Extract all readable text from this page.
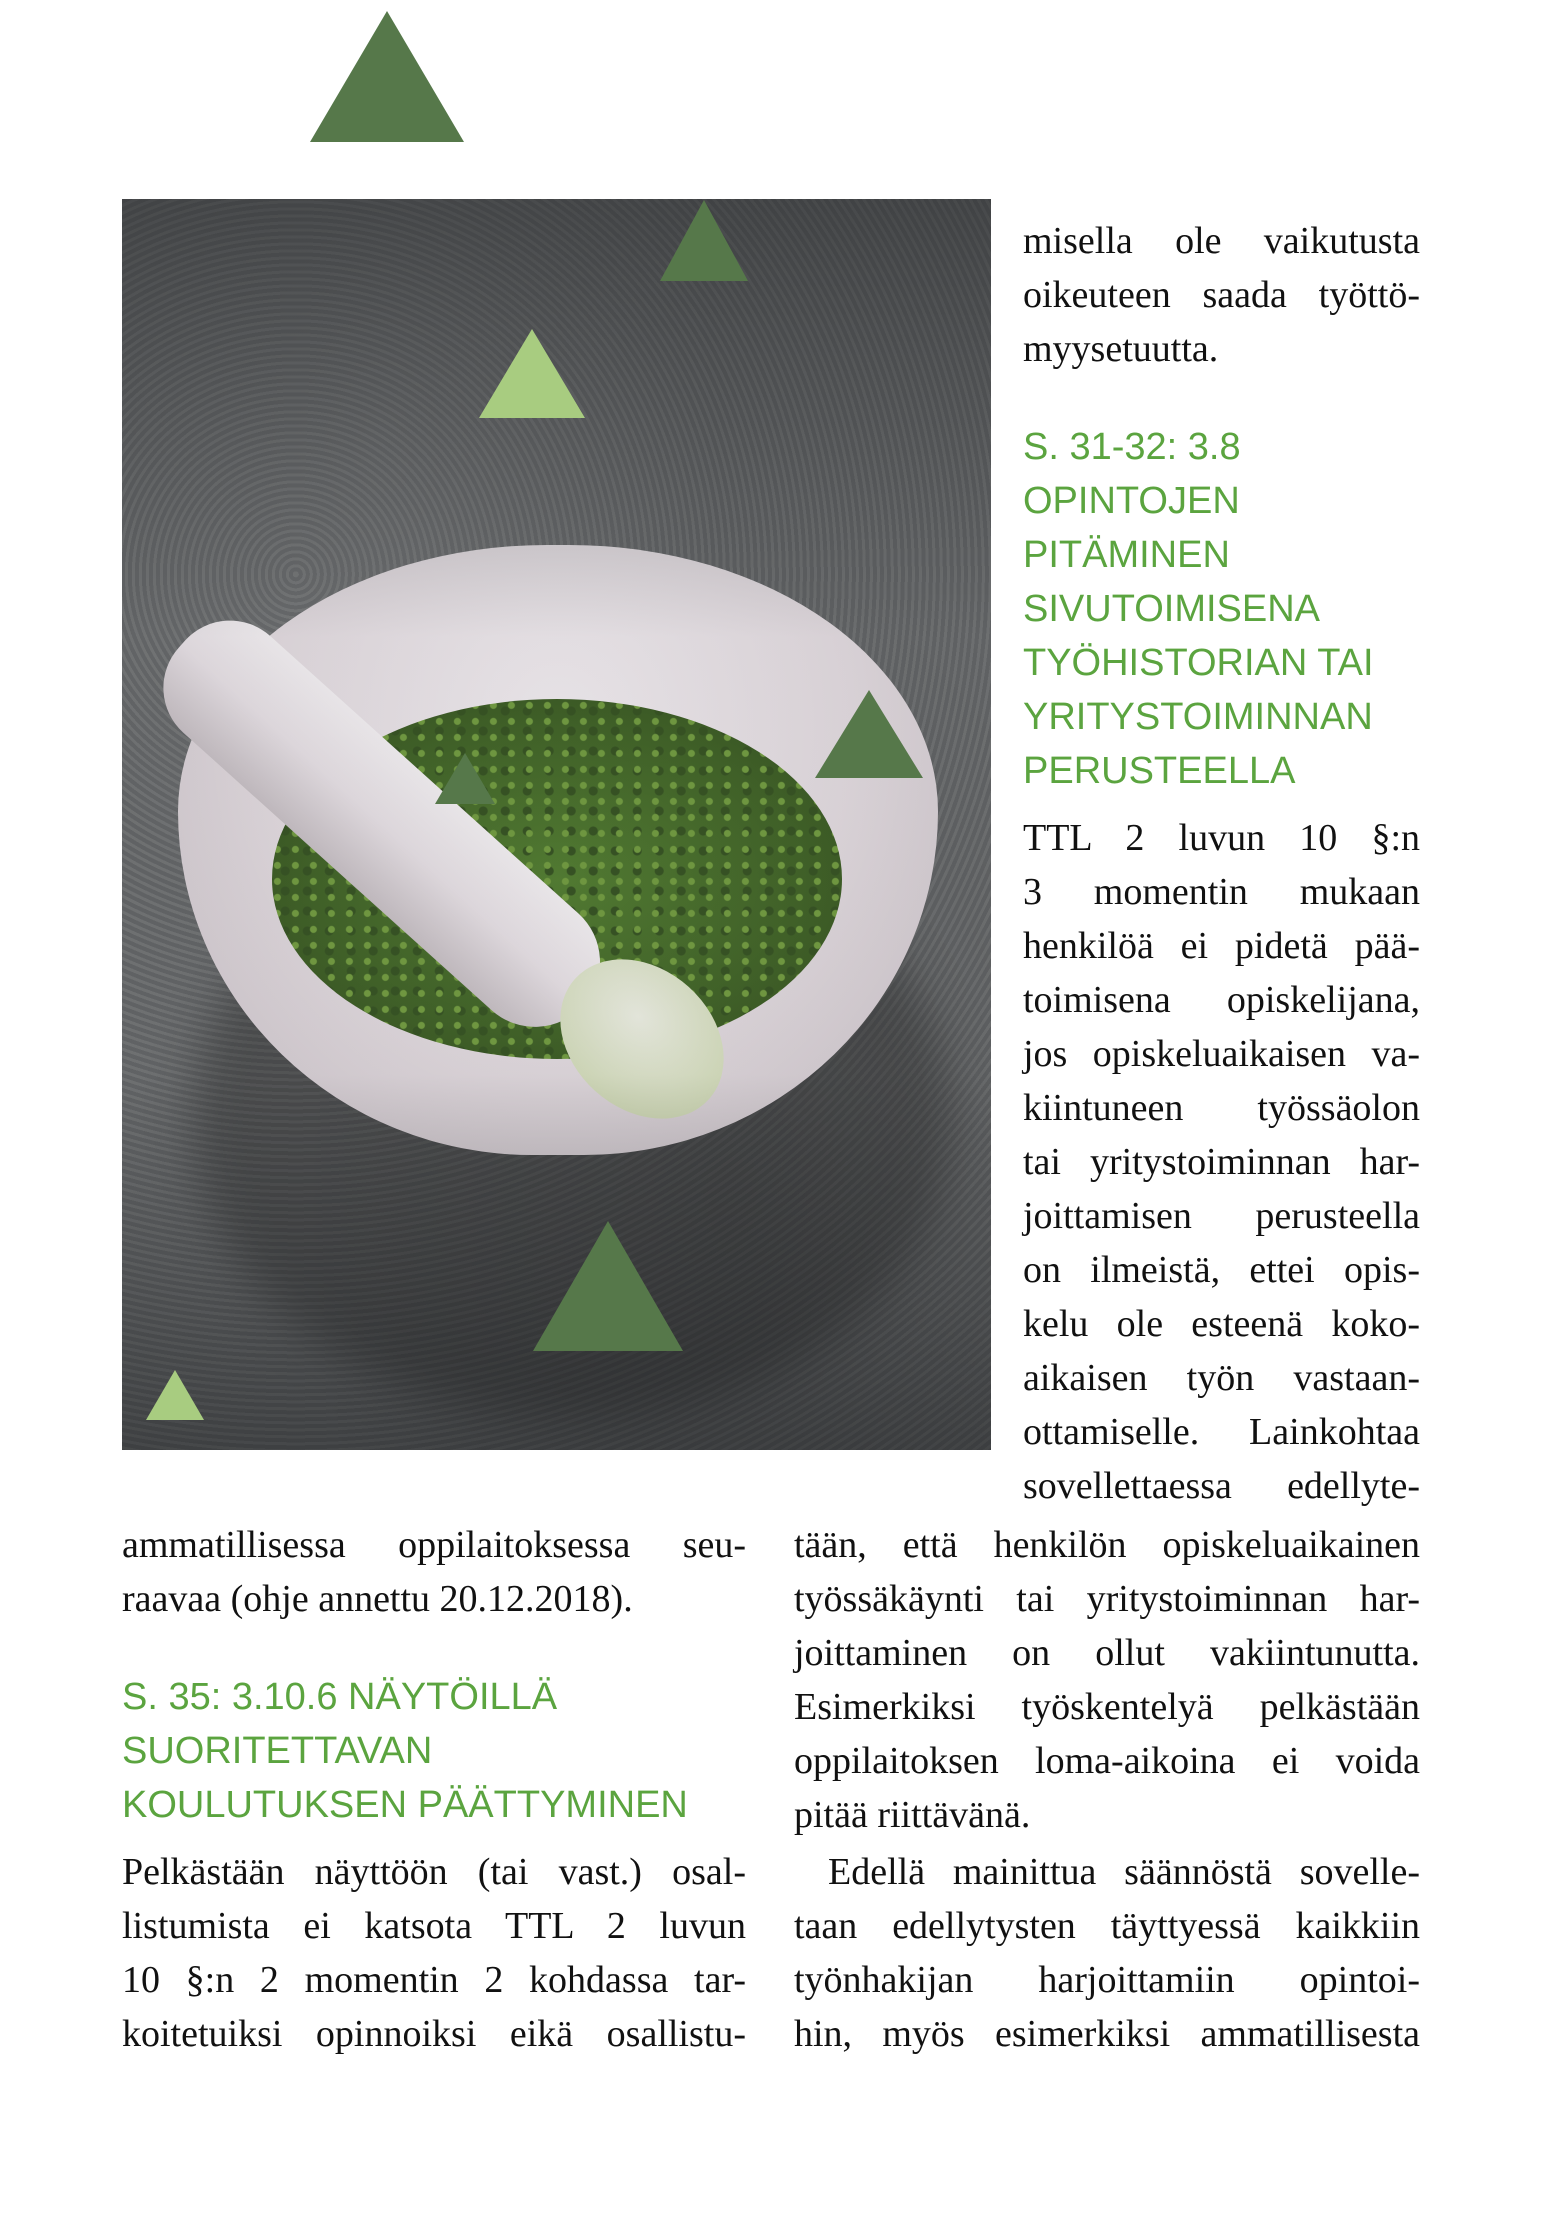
misella ole vaikutusta
oikeuteen saada työttö-
myysetuutta.
S. 31-32: 3.8
OPINTOJEN
PITÄMINEN
SIVUTOIMISENA
TYÖHISTORIAN TAI
YRITYSTOIMINNAN
PERUSTEELLA
TTL 2 luvun 10 §:n
3 momentin mukaan
henkilöä ei pidetä pää-
toimisena opiskelijana,
jos opiskeluaikaisen va-
kiintuneen työssäolon
tai yritystoiminnan har-
joittamisen perusteella
on ilmeistä, ettei opis-
kelu ole esteenä koko-
aikaisen työn vastaan-
ottamiselle. Lainkohtaa
sovellettaessa edellyte-
ammatillisessa oppilaitoksessa seu-
raavaa (ohje annettu 20.12.2018).
S. 35: 3.10.6 NÄYTÖILLÄ
SUORITETTAVAN
KOULUTUKSEN PÄÄTTYMINEN
Pelkästään näyttöön (tai vast.) osal-
listumista ei katsota TTL 2 luvun
10 §:n 2 momentin 2 kohdassa tar-
koitetuiksi opinnoiksi eikä osallistu-
tään, että henkilön opiskeluaikainen
työssäkäynti tai yritystoiminnan har-
joittaminen on ollut vakiintunutta.
Esimerkiksi työskentelyä pelkästään
oppilaitoksen loma-aikoina ei voida
pitää riittävänä.
Edellä mainittua säännöstä sovelle-
taan edellytysten täyttyessä kaikkiin
työnhakijan harjoittamiin opintoi-
hin, myös esimerkiksi ammatillisesta
